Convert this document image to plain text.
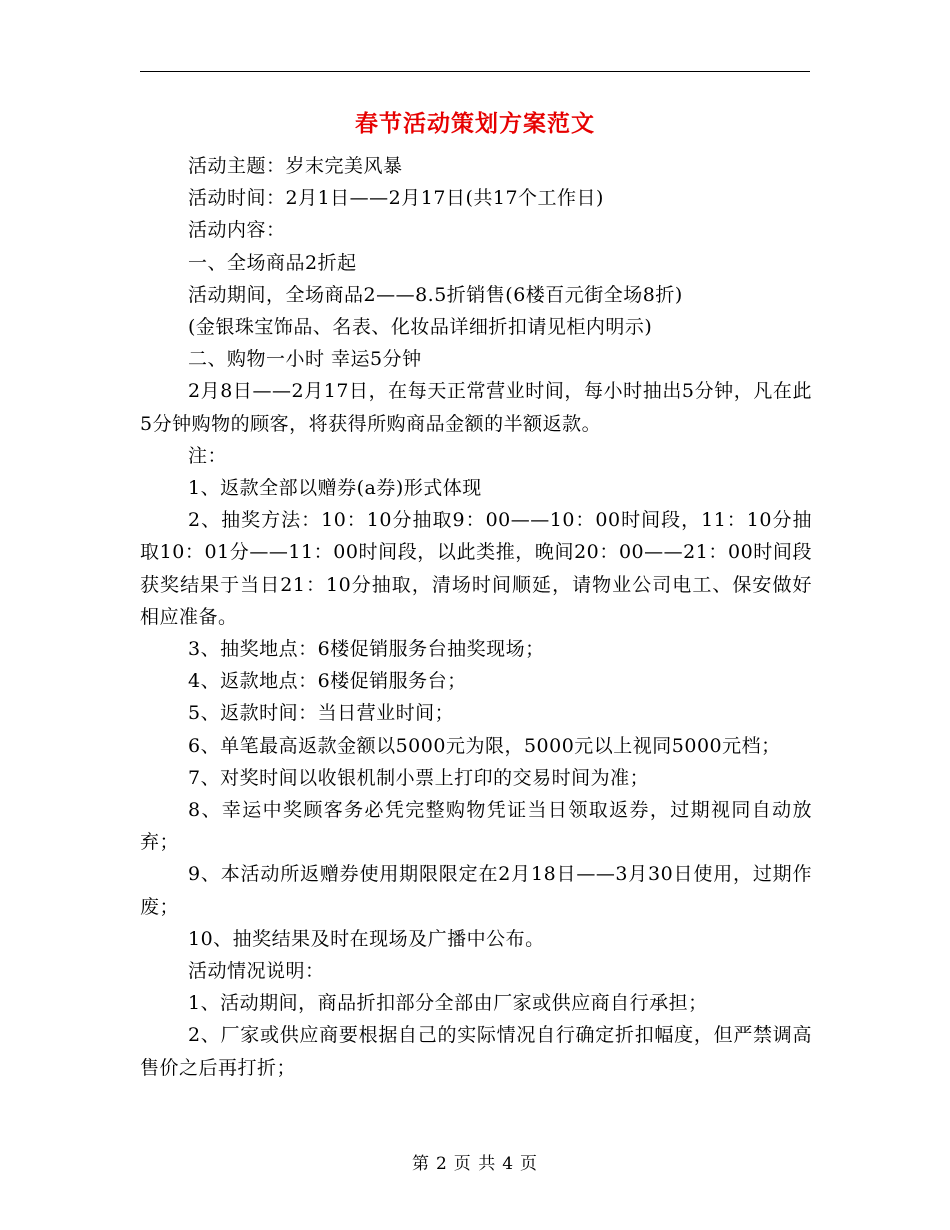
春节活动策划方案范文

活动主题：岁末完美风暴

活动时间：2月1日——2月17日(共17个工作日)

活动内容：

一、全场商品2折起

活动期间，全场商品2——8.5折销售(6楼百元街全场8折)

(金银珠宝饰品、名表、化妆品详细折扣请见柜内明示)

二、购物一小时 幸运5分钟

2月8日——2月17日，在每天正常营业时间，每小时抽出5分钟，凡在此5分钟购物的顾客，将获得所购商品金额的半额返款。

注：

1、返款全部以赠券(a券)形式体现

2、抽奖方法：10：10分抽取9：00——10：00时间段，11：10分抽取10：01分——11：00时间段，以此类推，晚间20：00——21：00时间段获奖结果于当日21：10分抽取，清场时间顺延，请物业公司电工、保安做好相应准备。

3、抽奖地点：6楼促销服务台抽奖现场；

4、返款地点：6楼促销服务台；

5、返款时间：当日营业时间；

6、单笔最高返款金额以5000元为限，5000元以上视同5000元档；

7、对奖时间以收银机制小票上打印的交易时间为准；

8、幸运中奖顾客务必凭完整购物凭证当日领取返券，过期视同自动放弃；

9、本活动所返赠券使用期限限定在2月18日——3月30日使用，过期作废；

10、抽奖结果及时在现场及广播中公布。

活动情况说明：

1、活动期间，商品折扣部分全部由厂家或供应商自行承担；

2、厂家或供应商要根据自己的实际情况自行确定折扣幅度，但严禁调高售价之后再打折；

第 2 页 共 4 页
